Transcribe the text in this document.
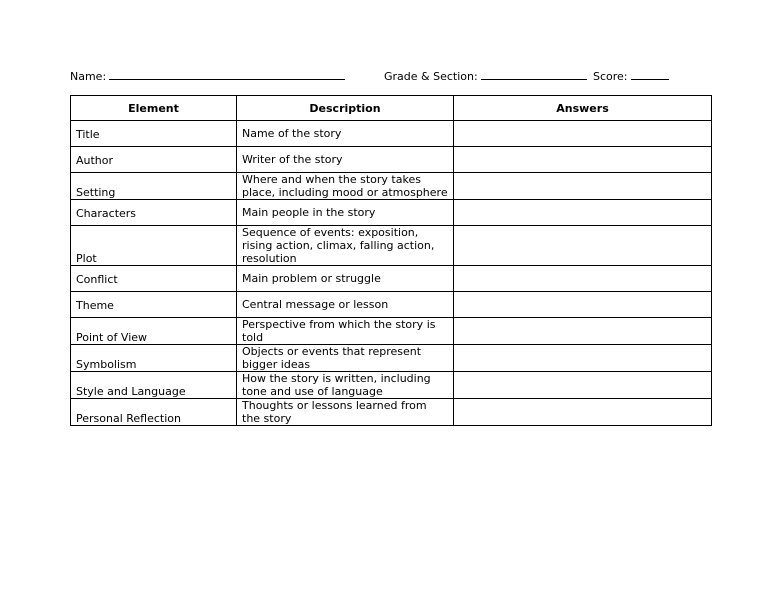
Name:	Grade & Section:	Score:
Element	Description	Answers
Title	Name of the story	
Author	Writer of the story	
Setting	Where and when the story takes place, including mood or atmosphere	
Characters	Main people in the story	
Plot	Sequence of events: exposition, rising action, climax, falling action, resolution	
Conflict	Main problem or struggle	
Theme	Central message or lesson	
Point of View	Perspective from which the story is told	
Symbolism	Objects or events that represent bigger ideas	
Style and Language	How the story is written, including tone and use of language	
Personal Reflection	Thoughts or lessons learned from the story	
